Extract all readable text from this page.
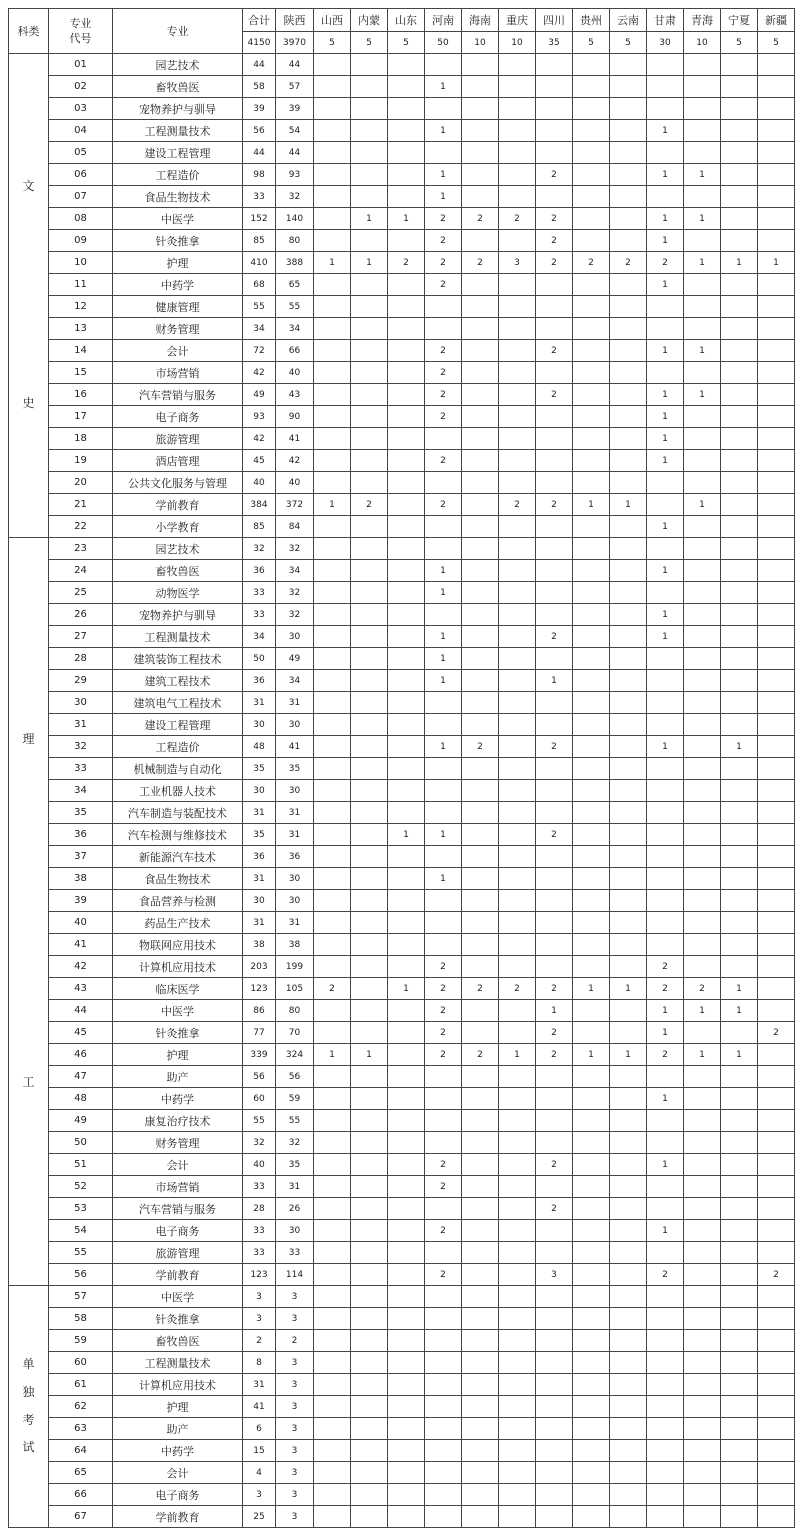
科类	专业代号	专业	合计	陕西	山西	内蒙	山东	河南	海南	重庆	四川	贵州	云南	甘肃	青海	宁夏	新疆
			4150	3970	5	5	5	50	10	10	35	5	5	30	10	5	5

文
史	01	园艺技术	44	44													
	02	畜牧兽医	58	57				1									
	03	宠物养护与驯导	39	39													
	04	工程测量技术	56	54				1						1			
	05	建设工程管理	44	44													
	06	工程造价	98	93				1			2			1	1		
	07	食品生物技术	33	32				1									
	08	中医学	152	140		1	1	2	2	2	2			1	1		
	09	针灸推拿	85	80				2			2			1			
	10	护理	410	388	1	1	2	2	2	3	2	2	2	2	1	1	1
	11	中药学	68	65				2						1			
	12	健康管理	55	55													
	13	财务管理	34	34													
	14	会计	72	66				2			2			1	1		
	15	市场营销	42	40				2									
	16	汽车营销与服务	49	43				2			2			1	1		
	17	电子商务	93	90				2						1			
	18	旅游管理	42	41										1			
	19	酒店管理	45	42				2						1			
	20	公共文化服务与管理	40	40													
	21	学前教育	384	372	1	2		2		2	2	1	1		1		
	22	小学教育	85	84										1			

理
工	23	园艺技术	32	32													
	24	畜牧兽医	36	34				1						1			
	25	动物医学	33	32				1									
	26	宠物养护与驯导	33	32										1			
	27	工程测量技术	34	30				1			2			1			
	28	建筑装饰工程技术	50	49				1									
	29	建筑工程技术	36	34				1			1						
	30	建筑电气工程技术	31	31													
	31	建设工程管理	30	30													
	32	工程造价	48	41				1	2		2			1		1	
	33	机械制造与自动化	35	35													
	34	工业机器人技术	30	30													
	35	汽车制造与装配技术	31	31													
	36	汽车检测与维修技术	35	31			1	1			2						
	37	新能源汽车技术	36	36													
	38	食品生物技术	31	30				1									
	39	食品营养与检测	30	30													
	40	药品生产技术	31	31													
	41	物联网应用技术	38	38													
	42	计算机应用技术	203	199				2						2			
	43	临床医学	123	105	2		1	2	2	2	2	1	1	2	2	1	
	44	中医学	86	80				2			1			1	1	1	
	45	针灸推拿	77	70				2			2			1			2
	46	护理	339	324	1	1		2	2	1	2	1	1	2	1	1	
	47	助产	56	56													
	48	中药学	60	59										1			
	49	康复治疗技术	55	55													
	50	财务管理	32	32													
	51	会计	40	35				2			2			1			
	52	市场营销	33	31				2									
	53	汽车营销与服务	28	26							2						
	54	电子商务	33	30				2						1			
	55	旅游管理	33	33													
	56	学前教育	123	114				2			3			2			2

单
独
考
试	57	中医学	3	3													
	58	针灸推拿	3	3													
	59	畜牧兽医	2	2													
	60	工程测量技术	8	3													
	61	计算机应用技术	31	3													
	62	护理	41	3													
	63	助产	6	3													
	64	中药学	15	3													
	65	会计	4	3													
	66	电子商务	3	3													
	67	学前教育	25	3													
